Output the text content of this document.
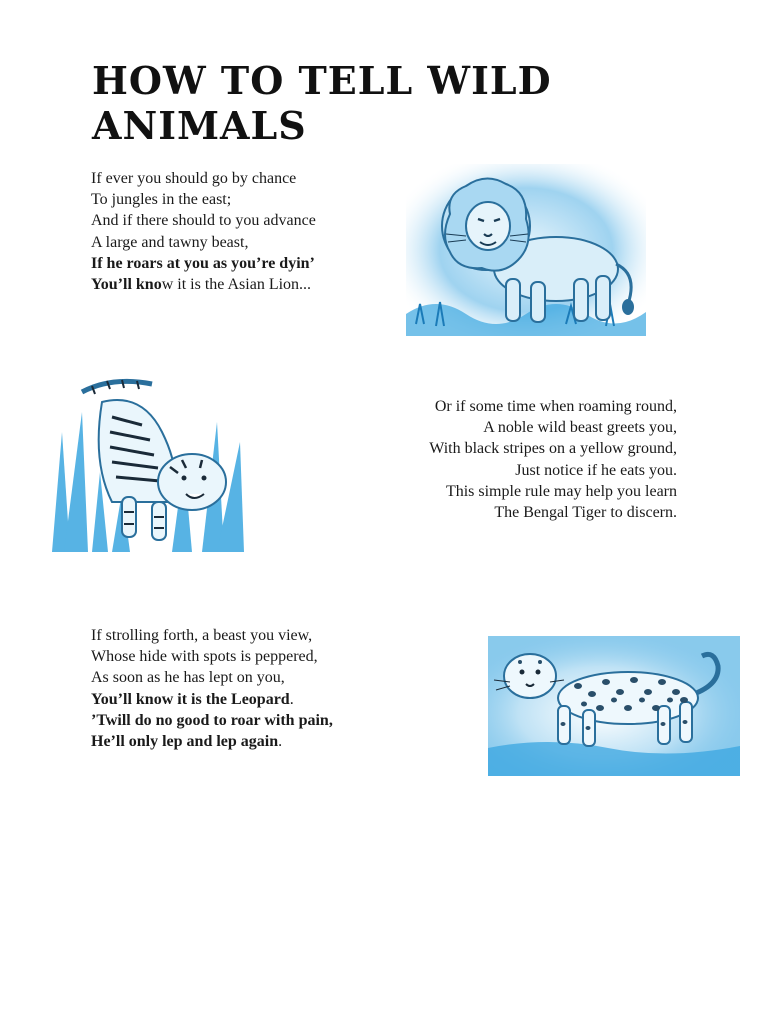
HOW TO TELL WILD ANIMALS
If ever you should go by chance
To jungles in the east;
And if there should to you advance
A large and tawny beast,
If he roars at you as you’re dyin’
You’ll know it is the Asian Lion...
Or if some time when roaming round,
A noble wild beast greets you,
With black stripes on a yellow ground,
Just notice if he eats you.
This simple rule may help you learn
The Bengal Tiger to discern.
If strolling forth, a beast you view,
Whose hide with spots is peppered,
As soon as he has lept on you,
You’ll know it is the Leopard.
’Twill do no good to roar with pain,
He’ll only lep and lep again.
